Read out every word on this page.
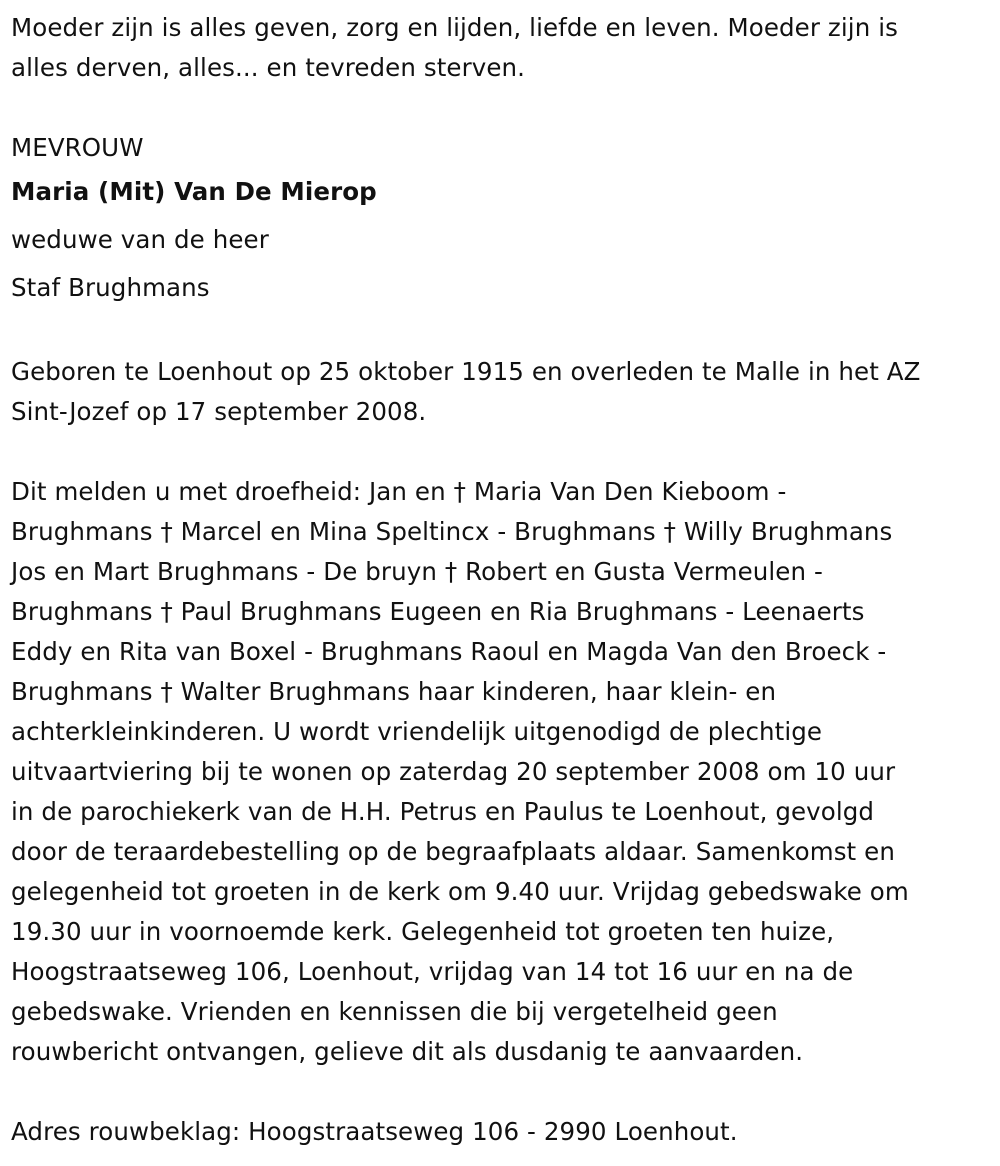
Moeder zijn is alles geven, zorg en lijden, liefde en leven. Moeder zijn is
alles derven, alles... en tevreden sterven.
MEVROUW
Maria (Mit) Van De Mierop
weduwe van de heer
Staf Brughmans
Geboren te Loenhout op 25 oktober 1915 en overleden te Malle in het AZ
Sint-Jozef op 17 september 2008.
Dit melden u met droefheid: Jan en † Maria Van Den Kieboom -
Brughmans † Marcel en Mina Speltincx - Brughmans † Willy Brughmans
Jos en Mart Brughmans - De bruyn † Robert en Gusta Vermeulen -
Brughmans † Paul Brughmans Eugeen en Ria Brughmans - Leenaerts
Eddy en Rita van Boxel - Brughmans Raoul en Magda Van den Broeck -
Brughmans † Walter Brughmans haar kinderen, haar klein- en
achterkleinkinderen. U wordt vriendelijk uitgenodigd de plechtige
uitvaartviering bij te wonen op zaterdag 20 september 2008 om 10 uur
in de parochiekerk van de H.H. Petrus en Paulus te Loenhout, gevolgd
door de teraardebestelling op de begraafplaats aldaar. Samenkomst en
gelegenheid tot groeten in de kerk om 9.40 uur. Vrijdag gebedswake om
19.30 uur in voornoemde kerk. Gelegenheid tot groeten ten huize,
Hoogstraatseweg 106, Loenhout, vrijdag van 14 tot 16 uur en na de
gebedswake. Vrienden en kennissen die bij vergetelheid geen
rouwbericht ontvangen, gelieve dit als dusdanig te aanvaarden.
Adres rouwbeklag: Hoogstraatseweg 106 - 2990 Loenhout.
